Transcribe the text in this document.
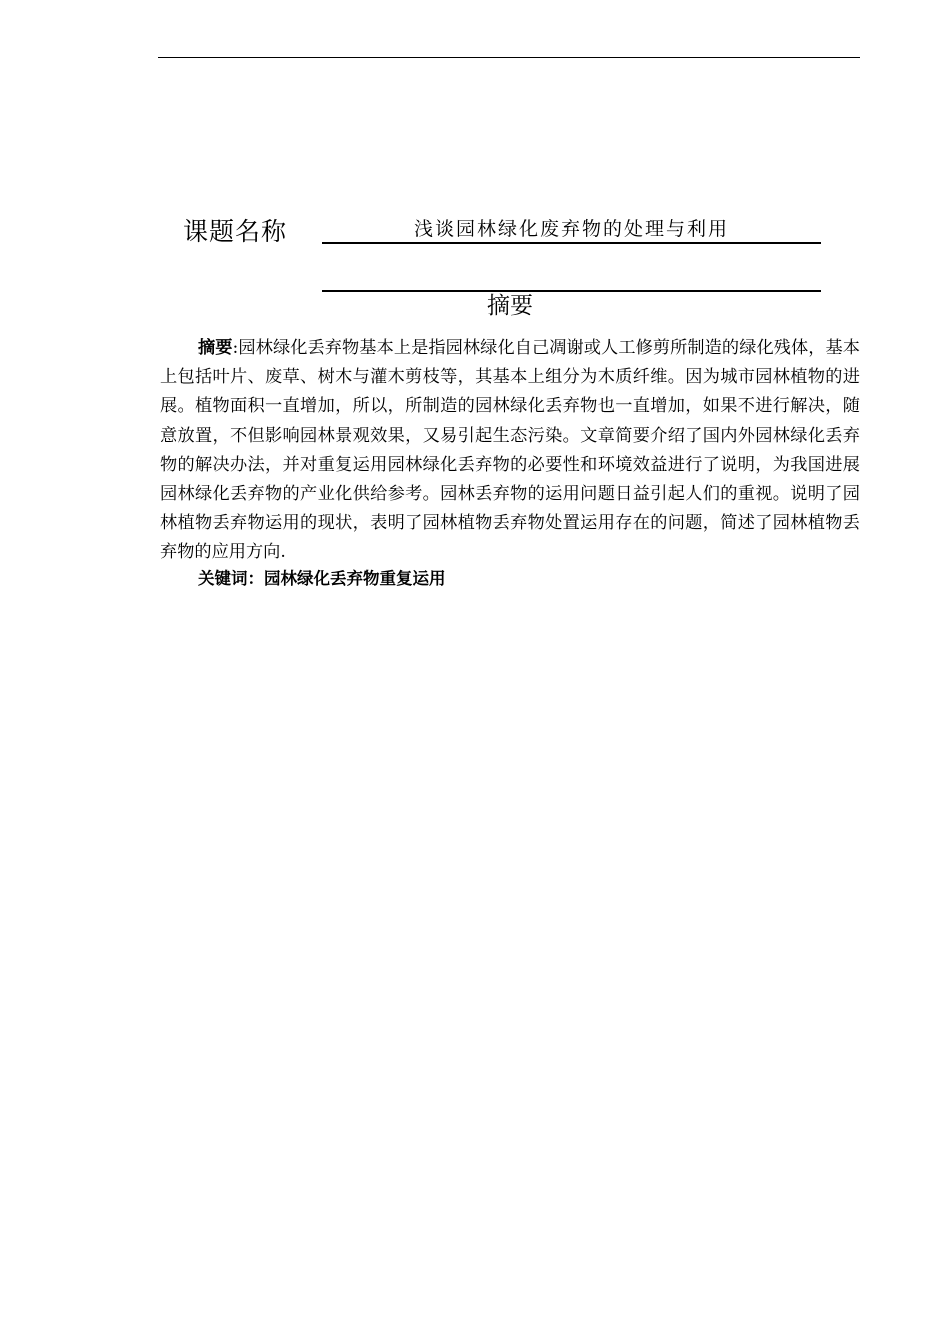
课题名称	浅谈园林绿化废弃物的处理与利用
摘要

摘要:园林绿化丢弃物基本上是指园林绿化自己凋谢或人工修剪所制造的绿化残体，基本上包括叶片、废草、树木与灌木剪枝等，其基本上组分为木质纤维。因为城市园林植物的进展。植物面积一直增加，所以，所制造的园林绿化丢弃物也一直增加，如果不进行解决，随意放置，不但影响园林景观效果，又易引起生态污染。文章简要介绍了国内外园林绿化丢弃物的解决办法，并对重复运用园林绿化丢弃物的必要性和环境效益进行了说明，为我国进展园林绿化丢弃物的产业化供给参考。园林丢弃物的运用问题日益引起人们的重视。说明了园林植物丢弃物运用的现状，表明了园林植物丢弃物处置运用存在的问题，简述了园林植物丢弃物的应用方向.

关键词：园林绿化丢弃物重复运用
